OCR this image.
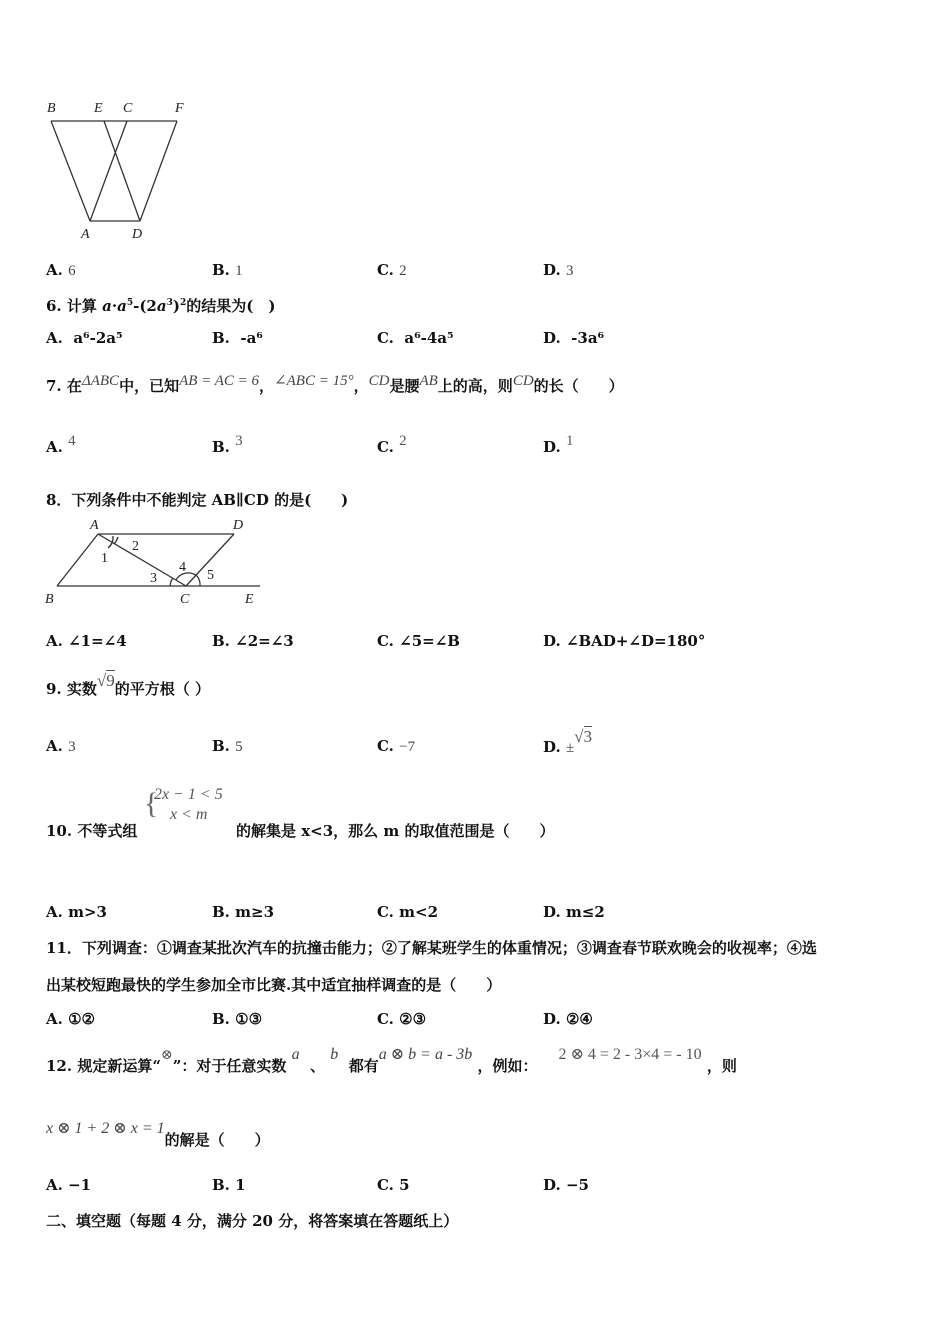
B	E C	F
A	D
A. 6	B. 1	C. 2	D. 3
6. 计算 $a\cdot a^5-(2a^3)^2$的结果为(　)
A. a⁶-2a⁵	B. -a⁶	C. a⁶-4a⁵	D. -3a⁶
7. 在ΔABC中，已知AB = AC = 6，∠ABC = 15°，CD是腰AB上的高，则CD的长（　　）
A. 4	B. 3	C. 2	D. 1
8．下列条件中不能判定 AB∥CD 的是(　　)
A	D
B	C	E
1
2
3
4
5
A. ∠1=∠4	B. ∠2=∠3	C. ∠5=∠B	D. ∠BAD+∠D=180°
9. 实数√9的平方根（ ）
A. 3	B. 5	C. −7	D. ±√3
{
2x − 1 < 5
x < m
10. 不等式组	的解集是 x<3，那么 m 的取值范围是（　　）
A. m>3	B. m≥3	C. m<2	D. m≤2
11．下列调查：①调查某批次汽车的抗撞击能力；②了解某班学生的体重情况；③调查春节联欢晚会的收视率；④选
出某校短跑最快的学生参加全市比赛.其中适宜抽样调查的是（　　）
A. ①②	B. ①③	C. ②③	D. ②④
12. 规定新运算“⊗”：对于任意实数 a  、 b  都有a ⊗ b = a - 3b ，例如：    2 ⊗ 4 = 2 - 3×4 = - 10 ，则
x ⊗ 1 + 2 ⊗ x = 1的解是（　　）
A. −1	B. 1	C. 5	D. −5
二、填空题（每题 4 分，满分 20 分，将答案填在答题纸上）
